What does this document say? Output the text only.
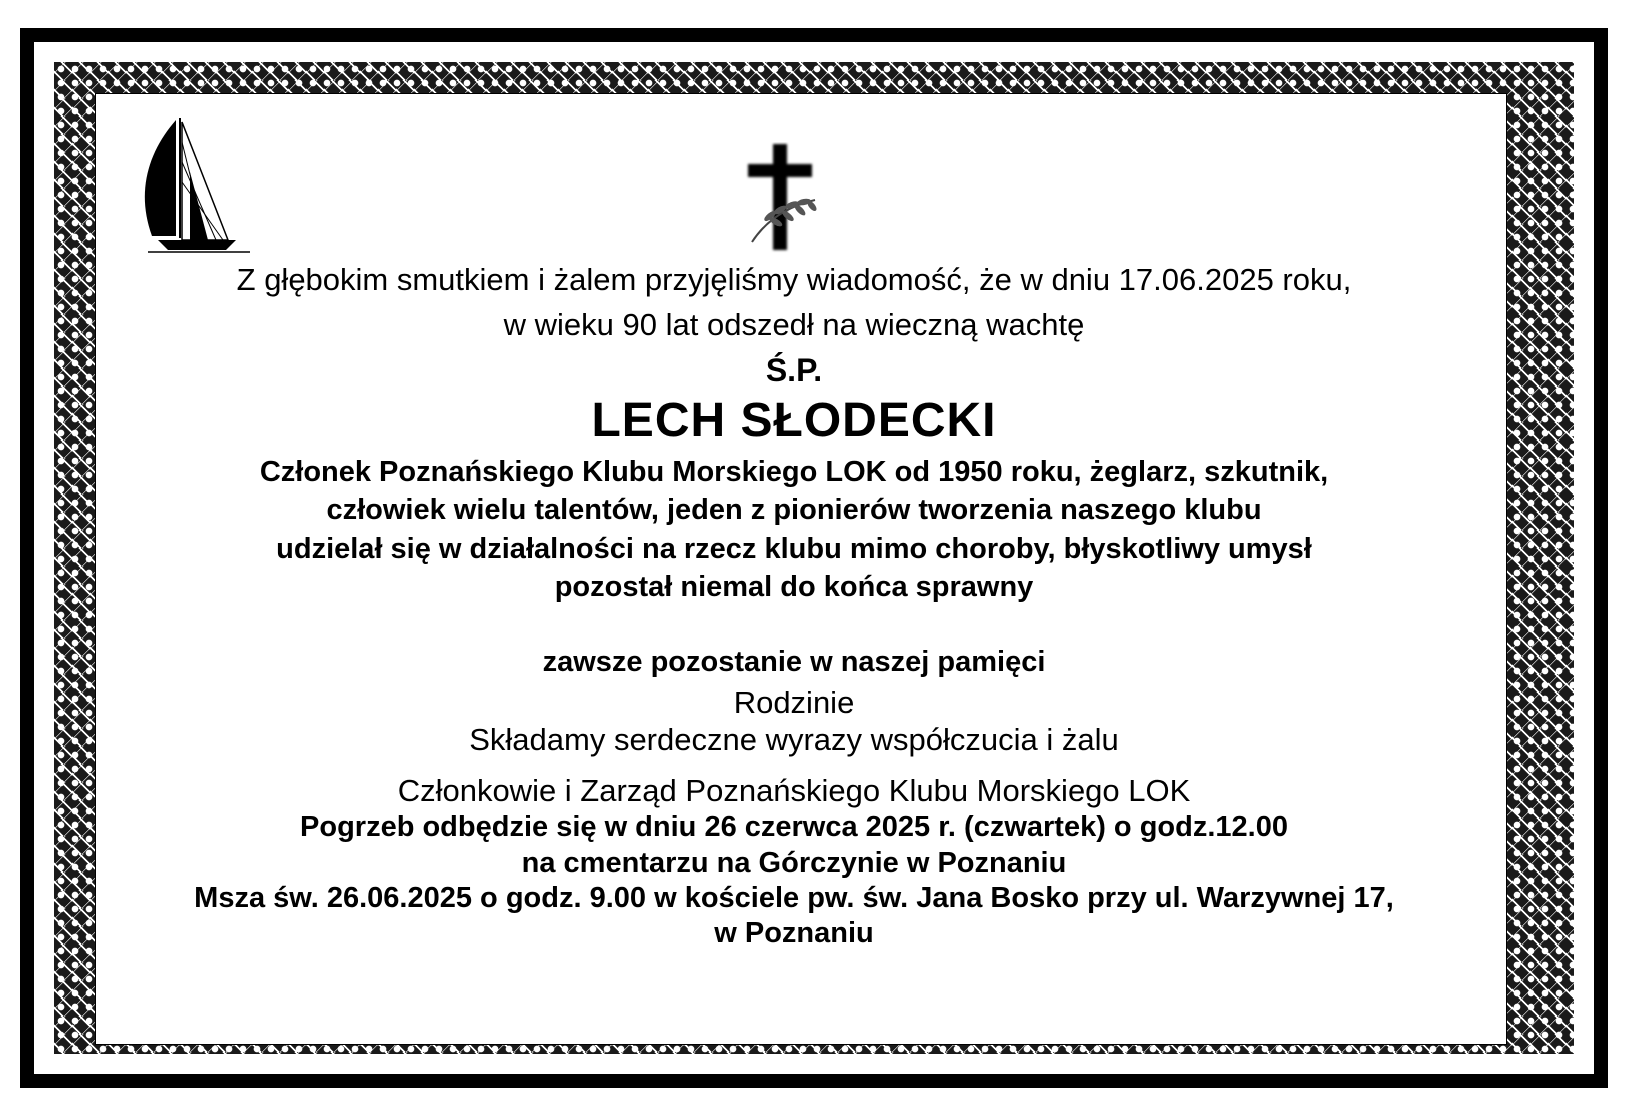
Z głębokim smutkiem i żalem przyjęliśmy wiadomość, że w dniu 17.06.2025 roku,
w wieku 90 lat odszedł na wieczną wachtę
Ś.P.
LECH SŁODECKI
Członek Poznańskiego Klubu Morskiego LOK od 1950 roku, żeglarz, szkutnik,
człowiek wielu talentów, jeden z pionierów tworzenia naszego klubu
udzielał się w działalności na rzecz klubu mimo choroby, błyskotliwy umysł
pozostał niemal do końca sprawny
zawsze pozostanie w naszej pamięci
Rodzinie
Składamy serdeczne wyrazy współczucia i żalu
Członkowie i Zarząd Poznańskiego Klubu Morskiego LOK
Pogrzeb odbędzie się w dniu 26 czerwca 2025 r. (czwartek) o godz.12.00
na cmentarzu na Górczynie w Poznaniu
Msza św. 26.06.2025 o godz. 9.00 w kościele pw. św. Jana Bosko przy ul. Warzywnej 17,
w Poznaniu
